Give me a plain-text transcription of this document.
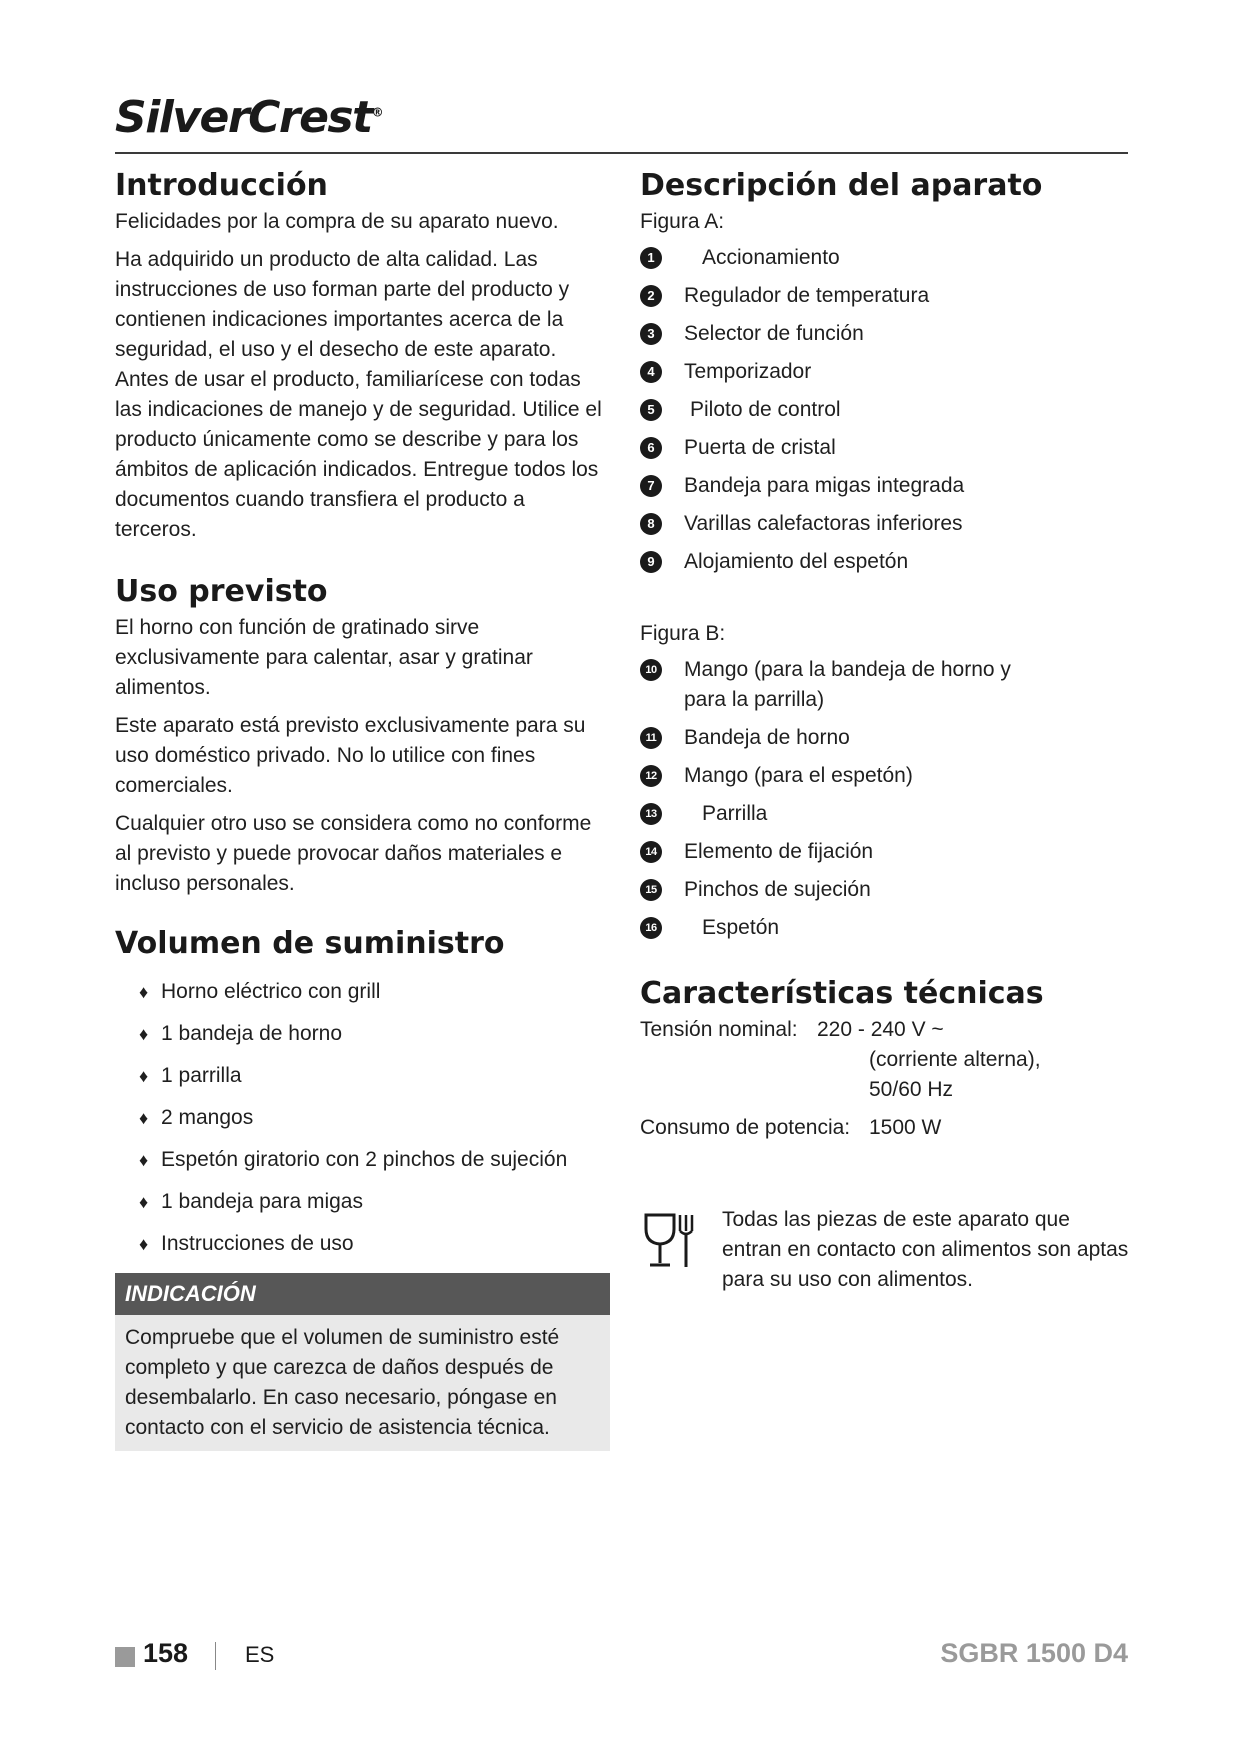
SilverCrest®
Introducción

Felicidades por la compra de su aparato nuevo.

Ha adquirido un producto de alta calidad. Las instrucciones de uso forman parte del producto y contienen indicaciones importantes acerca de la seguridad, el uso y el desecho de este aparato. Antes de usar el producto, familiarícese con todas las indicaciones de manejo y de seguridad. Utilice el producto únicamente como se describe y para los ámbitos de aplicación indicados. Entregue todos los documentos cuando transfiera el producto a terceros.

Uso previsto

El horno con función de gratinado sirve exclusivamente para calentar, asar y gratinar alimentos.

Este aparato está previsto exclusivamente para su uso doméstico privado. No lo utilice con fines comerciales.

Cualquier otro uso se considera como no conforme al previsto y puede provocar daños materiales e incluso personales.

Volumen de suministro
♦ Horno eléctrico con grill
♦ 1 bandeja de horno
♦ 1 parrilla
♦ 2 mangos
♦ Espetón giratorio con 2 pinchos de sujeción
♦ 1 bandeja para migas
♦ Instrucciones de uso
INDICACIÓN
Compruebe que el volumen de suministro esté completo y que carezca de daños después de desembalarlo. En caso necesario, póngase en contacto con el servicio de asistencia técnica.
Descripción del aparato

Figura A:

1	Accionamiento
2	Regulador de temperatura
3	Selector de función
4	Temporizador
5	Piloto de control
6	Puerta de cristal
7	Bandeja para migas integrada
8	Varillas calefactoras inferiores
9	Alojamiento del espetón

Figura B:

10 Mango (para la bandeja de horno y para la parrilla)
11 Bandeja de horno
12 Mango (para el espetón)
13	Parrilla
14 Elemento de fijación
15 Pinchos de sujeción
16	Espetón
Características técnicas
Tensión nominal: 220 - 240 V ~
(corriente alterna),
50/60 Hz
Consumo de potencia: 1500 W
Todas las piezas de este aparato que entran en contacto con alimentos son aptas para su uso con alimentos.
158	ES	SGBR 1500 D4
